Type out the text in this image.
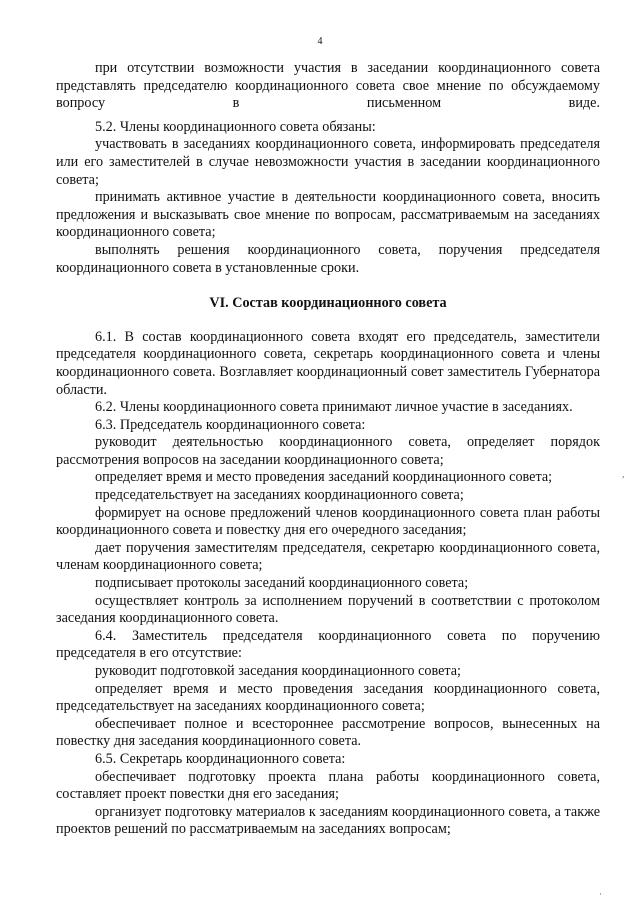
4

при отсутствии возможности участия в заседании координационного совета представлять председателю координационного совета свое мнение по обсуждаемому вопросу в письменном виде.

5.2. Члены координационного совета обязаны:

участвовать в заседаниях координационного совета, информировать председателя или его заместителей в случае невозможности участия в заседании координационного совета;

принимать активное участие в деятельности координационного совета, вносить предложения и высказывать свое мнение по вопросам, рассматриваемым на заседаниях координационного совета;

выполнять решения координационного совета, поручения председателя координационного совета в установленные сроки.

VI. Состав координационного совета

6.1. В состав координационного совета входят его председатель, заместители председателя координационного совета, секретарь координационного совета и члены координационного совета. Возглавляет координационный совет заместитель Губернатора области.

6.2. Члены координационного совета принимают личное участие в заседаниях.

6.3. Председатель координационного совета:

руководит деятельностью координационного совета, определяет порядок рассмотрения вопросов на заседании координационного совета;

определяет время и место проведения заседаний координационного совета;

председательствует на заседаниях координационного совета;

формирует на основе предложений членов координационного совета план работы координационного совета и повестку дня его очередного заседания;

дает поручения заместителям председателя, секретарю координационного совета, членам координационного совета;

подписывает протоколы заседаний координационного совета;

осуществляет контроль за исполнением поручений в соответствии с протоколом заседания координационного совета.

6.4. Заместитель председателя координационного совета по поручению председателя в его отсутствие:

руководит подготовкой заседания координационного совета;

определяет время и место проведения заседания координационного совета, председательствует на заседаниях координационного совета;

обеспечивает полное и всестороннее рассмотрение вопросов, вынесенных на повестку дня заседания координационного совета.

6.5. Секретарь координационного совета:

обеспечивает подготовку проекта плана работы координационного совета, составляет проект повестки дня его заседания;

организует подготовку материалов к заседаниям координационного совета, а также проектов решений по рассматриваемым на заседаниях вопросам;

,
·
